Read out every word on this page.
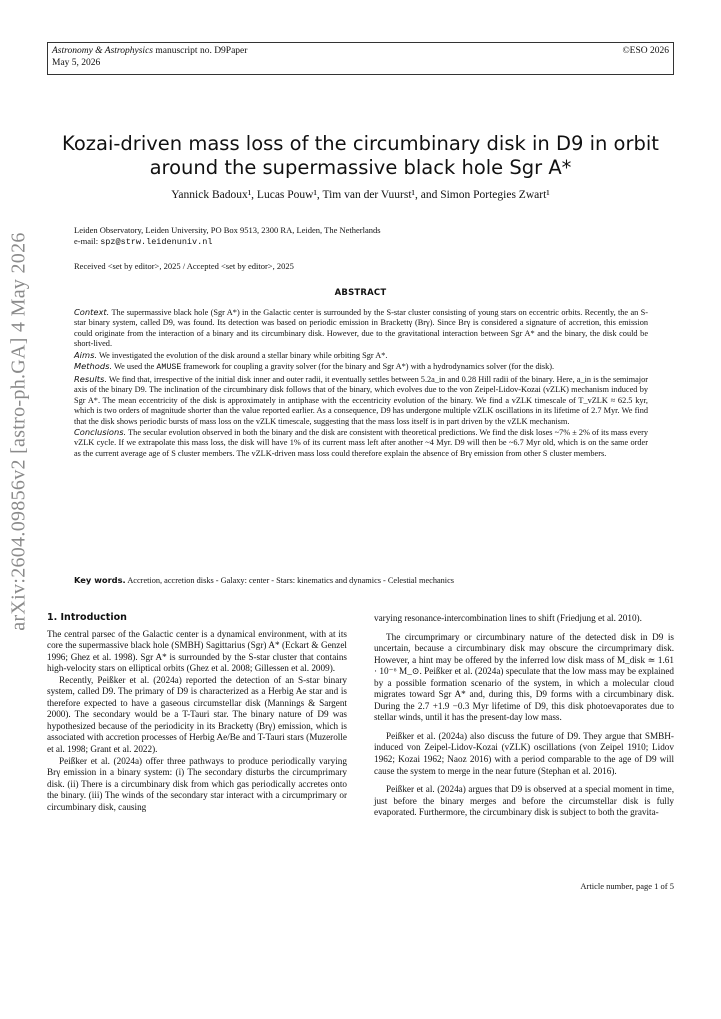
Astronomy & Astrophysics manuscript no. D9Paper
May 5, 2026
©ESO 2026
arXiv:2604.09856v2 [astro-ph.GA] 4 May 2026
Kozai-driven mass loss of the circumbinary disk in D9 in orbit
around the supermassive black hole Sgr A*
Yannick Badoux¹, Lucas Pouw¹, Tim van der Vuurst¹, and Simon Portegies Zwart¹
Leiden Observatory, Leiden University, PO Box 9513, 2300 RA, Leiden, The Netherlands
e-mail: spz@strw.leidenuniv.nl
Received <set by editor>, 2025 / Accepted <set by editor>, 2025
ABSTRACT

Context. The supermassive black hole (Sgr A*) in the Galactic center is surrounded by the S-star cluster consisting of young stars on eccentric orbits. Recently, the an S-star binary system, called D9, was found. Its detection was based on periodic emission in Brackettγ (Brγ). Since Brγ is considered a signature of accretion, this emission could originate from the interaction of a binary and its circumbinary disk. However, due to the gravitational interaction between Sgr A* and the binary, the disk could be short-lived.

Aims. We investigated the evolution of the disk around a stellar binary while orbiting Sgr A*.

Methods. We used the AMUSE framework for coupling a gravity solver (for the binary and Sgr A*) with a hydrodynamics solver (for the disk).

Results. We find that, irrespective of the initial disk inner and outer radii, it eventually settles between 5.2a_in and 0.28 Hill radii of the binary. Here, a_in is the semimajor axis of the binary D9. The inclination of the circumbinary disk follows that of the binary, which evolves due to the von Zeipel-Lidov-Kozai (vZLK) mechanism induced by Sgr A*. The mean eccentricity of the disk is approximately in antiphase with the eccentricity evolution of the binary. We find a vZLK timescale of T_vZLK ≈ 62.5 kyr, which is two orders of magnitude shorter than the value reported earlier. As a consequence, D9 has undergone multiple vZLK oscillations in its lifetime of 2.7 Myr. We find that the disk shows periodic bursts of mass loss on the vZLK timescale, suggesting that the mass loss itself is in part driven by the vZLK mechanism.

Conclusions. The secular evolution observed in both the binary and the disk are consistent with theoretical predictions. We find the disk loses ~7% ± 2% of its mass every vZLK cycle. If we extrapolate this mass loss, the disk will have 1% of its current mass left after another ~4 Myr. D9 will then be ~6.7 Myr old, which is on the same order as the current average age of S cluster members. The vZLK-driven mass loss could therefore explain the absence of Brγ emission from other S cluster members.

Key words. Accretion, accretion disks - Galaxy: center - Stars: kinematics and dynamics - Celestial mechanics

1. Introduction

The central parsec of the Galactic center is a dynamical environment, with at its core the supermassive black hole (SMBH) Sagittarius (Sgr) A* (Eckart & Genzel 1996; Ghez et al. 1998). Sgr A* is surrounded by the S-star cluster that contains high-velocity stars on elliptical orbits (Ghez et al. 2008; Gillessen et al. 2009).

Recently, Peißker et al. (2024a) reported the detection of an S-star binary system, called D9. The primary of D9 is characterized as a Herbig Ae star and is therefore expected to have a gaseous circumstellar disk (Mannings & Sargent 2000). The secondary would be a T-Tauri star. The binary nature of D9 was hypothesized because of the periodicity in its Brackettγ (Brγ) emission, which is associated with accretion processes of Herbig Ae/Be and T-Tauri stars (Muzerolle et al. 1998; Grant et al. 2022).

Peißker et al. (2024a) offer three pathways to produce periodically varying Brγ emission in a binary system: (i) The secondary disturbs the circumprimary disk. (ii) There is a circumbinary disk from which gas periodically accretes onto the binary. (iii) The winds of the secondary star interact with a circumprimary or circumbinary disk, causing

varying resonance-intercombination lines to shift (Friedjung et al. 2010).

The circumprimary or circumbinary nature of the detected disk in D9 is uncertain, because a circumbinary disk may obscure the circumprimary disk. However, a hint may be offered by the inferred low disk mass of M_disk ≃ 1.61 · 10⁻⁶ M_⊙. Peißker et al. (2024a) speculate that the low mass may be explained by a possible formation scenario of the system, in which a molecular cloud migrates toward Sgr A* and, during this, D9 forms with a circumbinary disk. During the 2.7 +1.9 −0.3 Myr lifetime of D9, this disk photoevaporates due to stellar winds, until it has the present-day low mass.

Peißker et al. (2024a) also discuss the future of D9. They argue that SMBH-induced von Zeipel-Lidov-Kozai (vZLK) oscillations (von Zeipel 1910; Lidov 1962; Kozai 1962; Naoz 2016) with a period comparable to the age of D9 will cause the system to merge in the near future (Stephan et al. 2016).

Peißker et al. (2024a) argues that D9 is observed at a special moment in time, just before the binary merges and before the circumstellar disk is fully evaporated. Furthermore, the circumbinary disk is subject to both the gravita-

Article number, page 1 of 5
